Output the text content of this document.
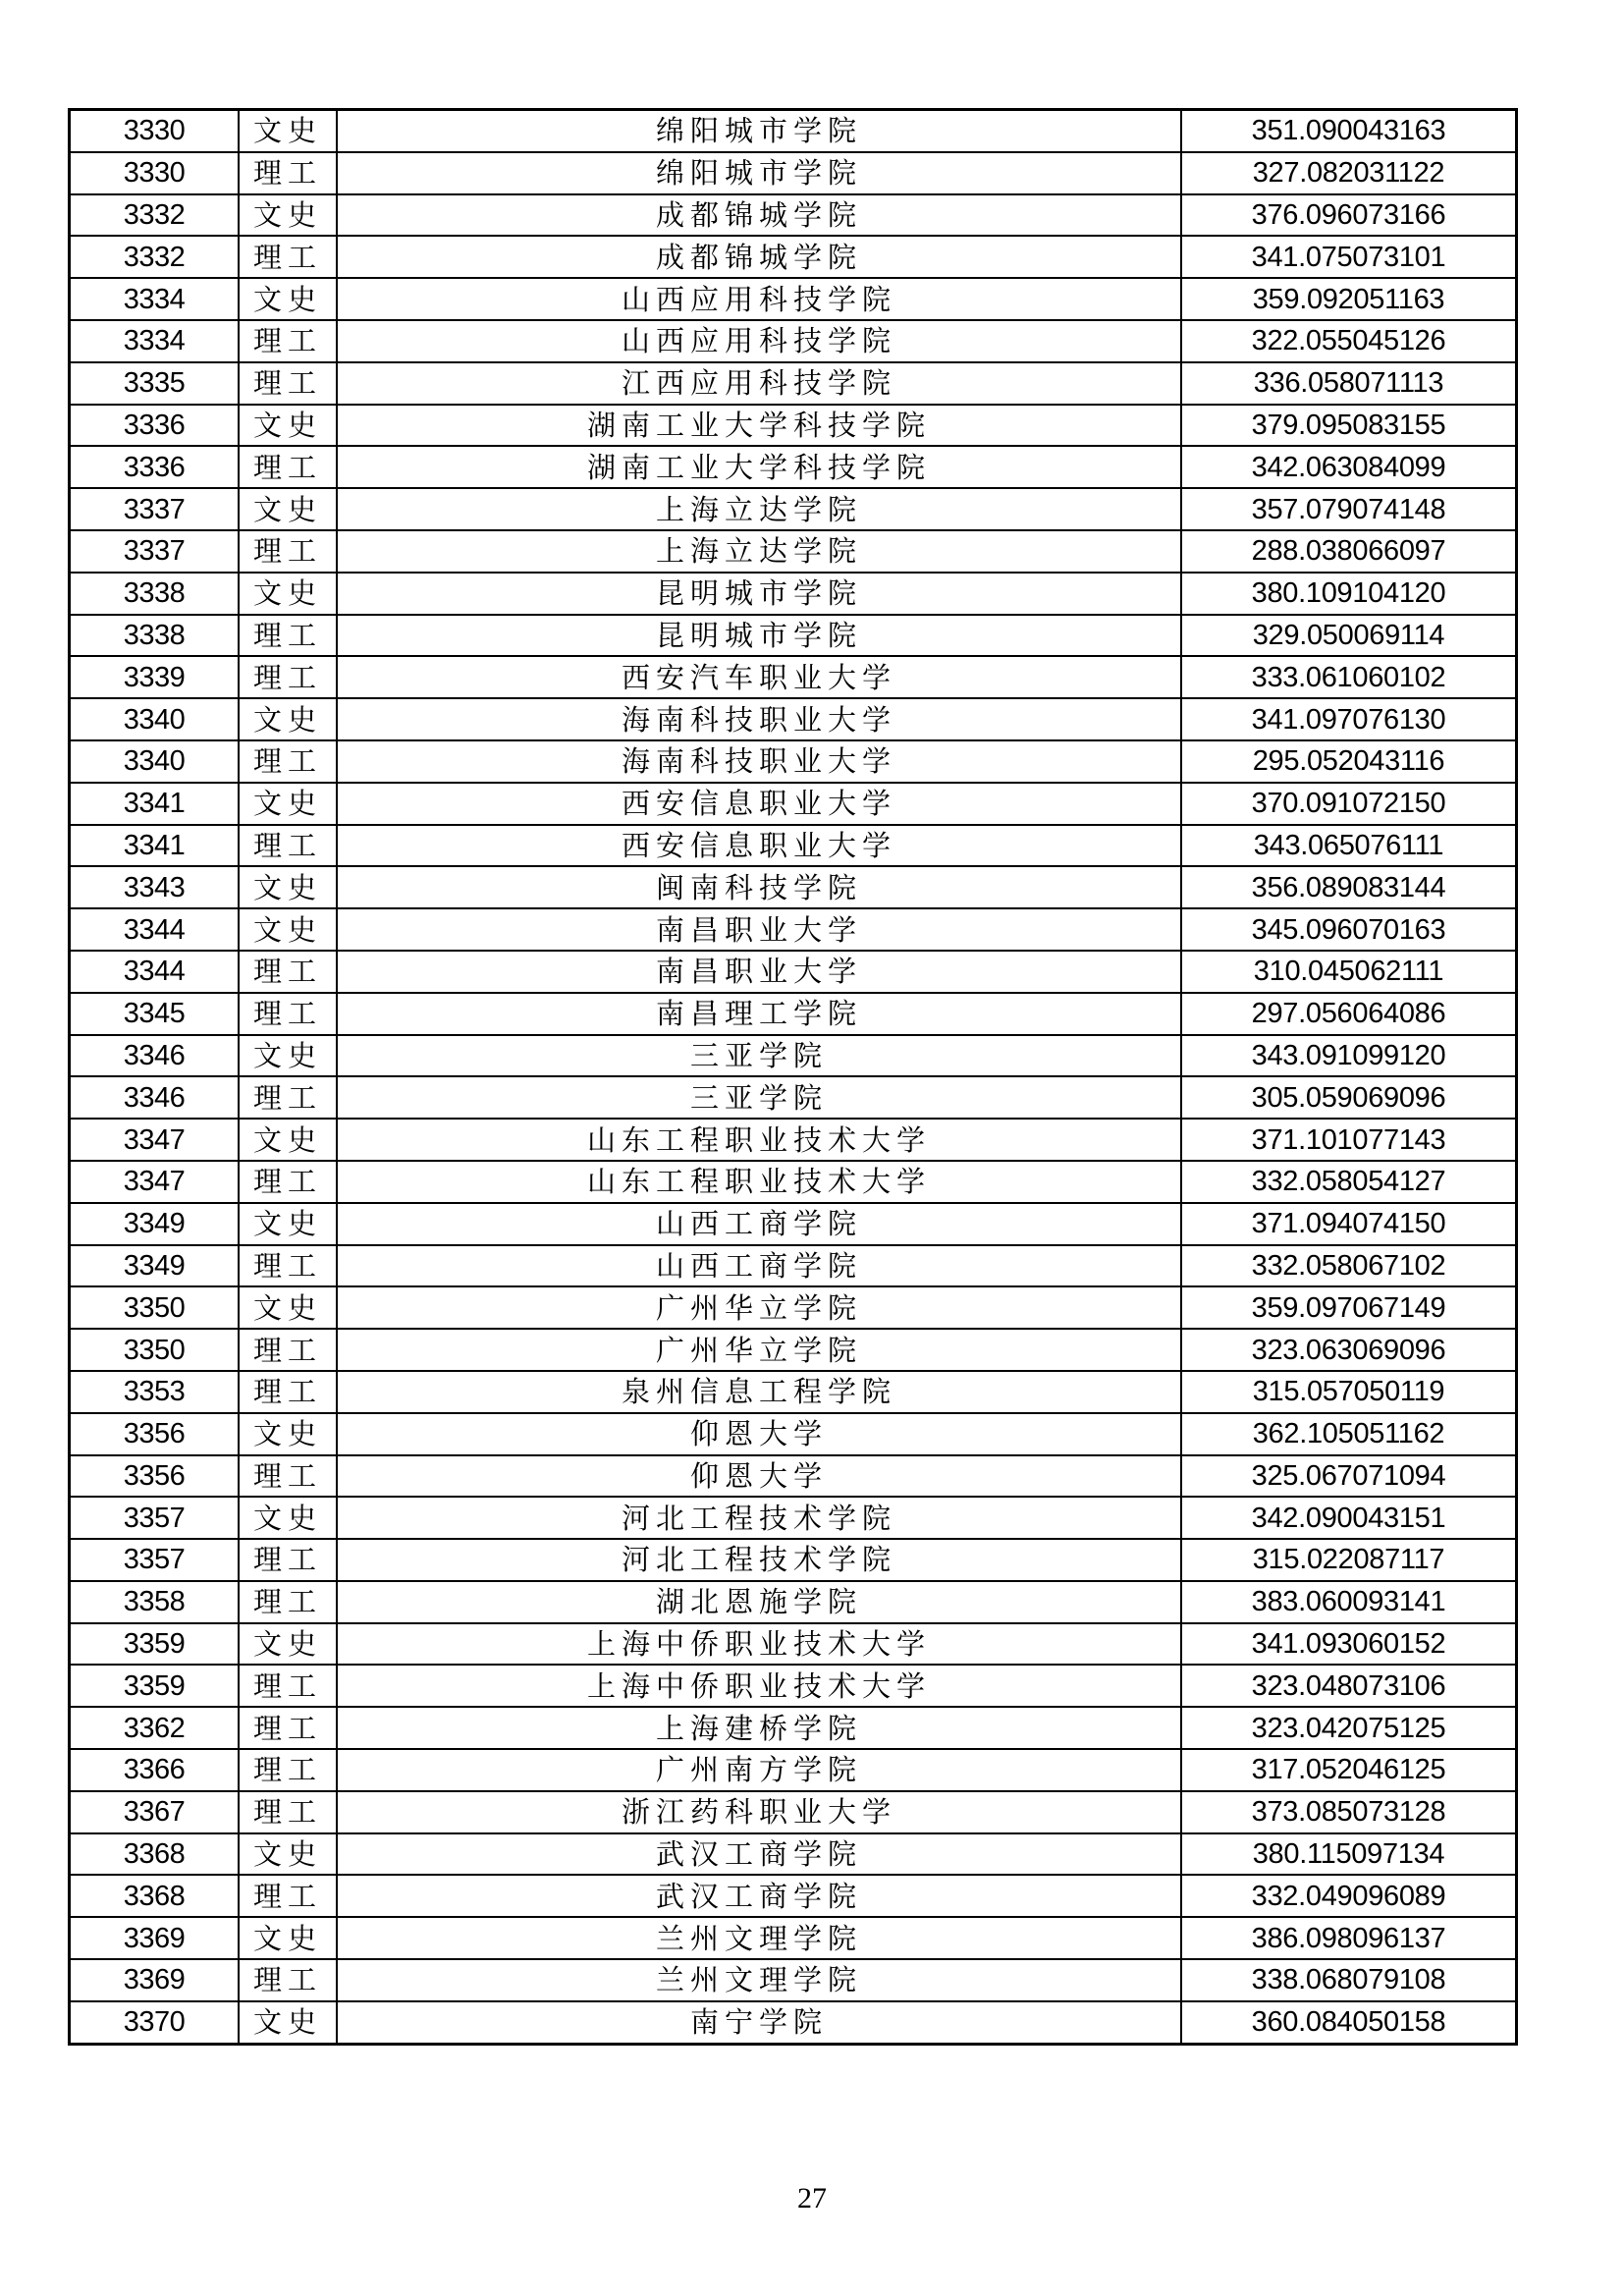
3330	文史	绵阳城市学院	351.090043163
3330	理工	绵阳城市学院	327.082031122
3332	文史	成都锦城学院	376.096073166
3332	理工	成都锦城学院	341.075073101
3334	文史	山西应用科技学院	359.092051163
3334	理工	山西应用科技学院	322.055045126
3335	理工	江西应用科技学院	336.058071113
3336	文史	湖南工业大学科技学院	379.095083155
3336	理工	湖南工业大学科技学院	342.063084099
3337	文史	上海立达学院	357.079074148
3337	理工	上海立达学院	288.038066097
3338	文史	昆明城市学院	380.109104120
3338	理工	昆明城市学院	329.050069114
3339	理工	西安汽车职业大学	333.061060102
3340	文史	海南科技职业大学	341.097076130
3340	理工	海南科技职业大学	295.052043116
3341	文史	西安信息职业大学	370.091072150
3341	理工	西安信息职业大学	343.065076111
3343	文史	闽南科技学院	356.089083144
3344	文史	南昌职业大学	345.096070163
3344	理工	南昌职业大学	310.045062111
3345	理工	南昌理工学院	297.056064086
3346	文史	三亚学院	343.091099120
3346	理工	三亚学院	305.059069096
3347	文史	山东工程职业技术大学	371.101077143
3347	理工	山东工程职业技术大学	332.058054127
3349	文史	山西工商学院	371.094074150
3349	理工	山西工商学院	332.058067102
3350	文史	广州华立学院	359.097067149
3350	理工	广州华立学院	323.063069096
3353	理工	泉州信息工程学院	315.057050119
3356	文史	仰恩大学	362.105051162
3356	理工	仰恩大学	325.067071094
3357	文史	河北工程技术学院	342.090043151
3357	理工	河北工程技术学院	315.022087117
3358	理工	湖北恩施学院	383.060093141
3359	文史	上海中侨职业技术大学	341.093060152
3359	理工	上海中侨职业技术大学	323.048073106
3362	理工	上海建桥学院	323.042075125
3366	理工	广州南方学院	317.052046125
3367	理工	浙江药科职业大学	373.085073128
3368	文史	武汉工商学院	380.115097134
3368	理工	武汉工商学院	332.049096089
3369	文史	兰州文理学院	386.098096137
3369	理工	兰州文理学院	338.068079108
3370	文史	南宁学院	360.084050158
27
